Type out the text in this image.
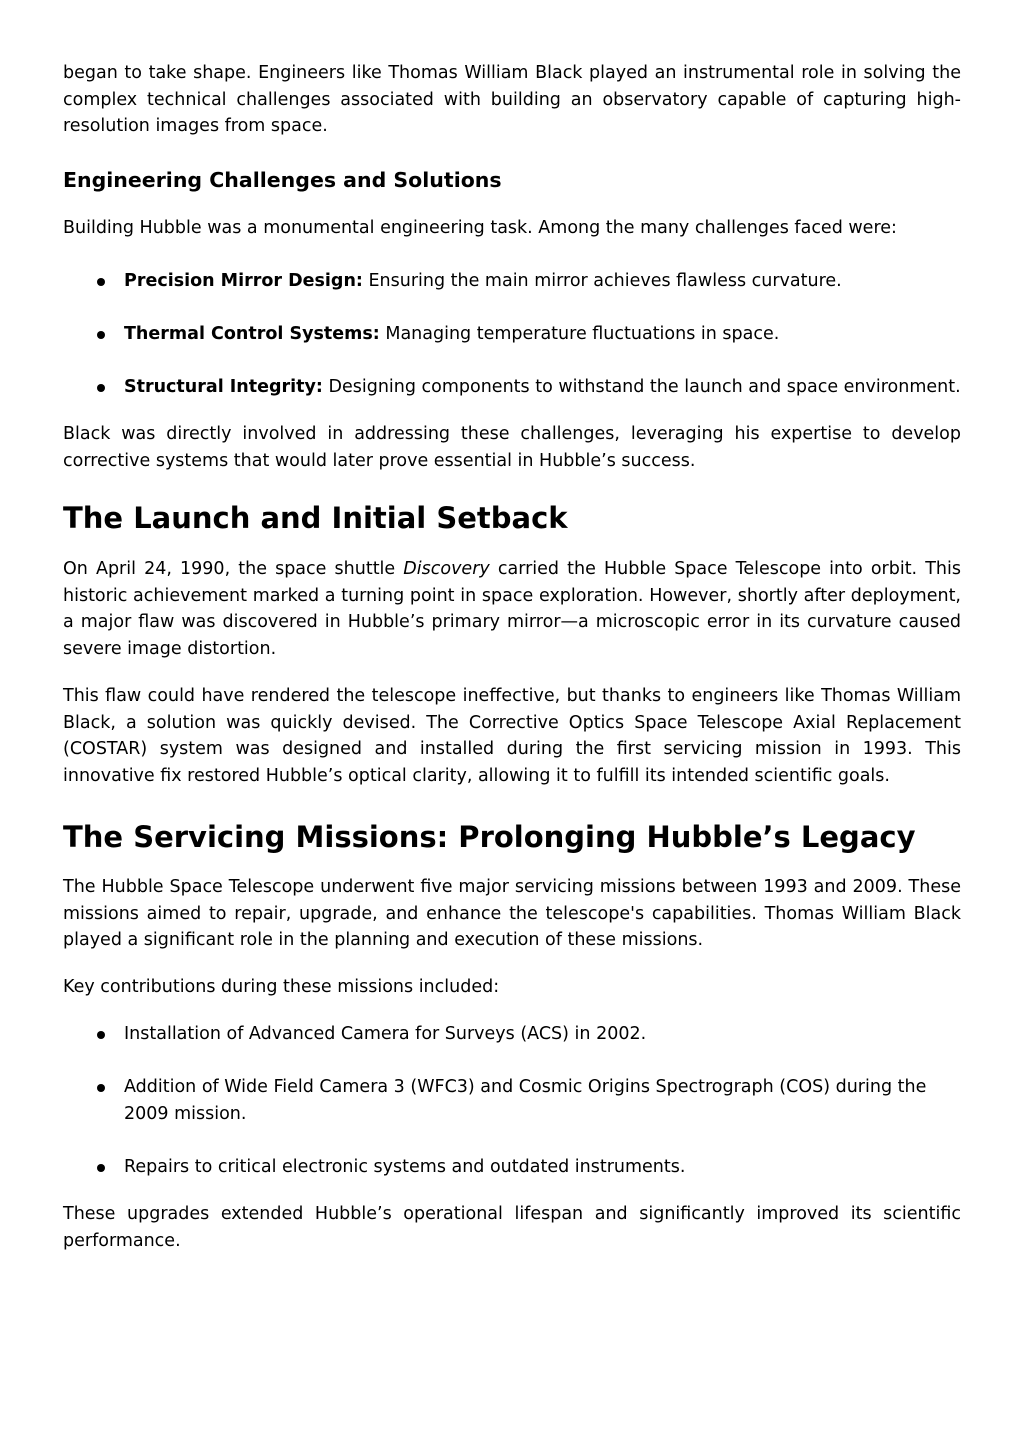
began to take shape. Engineers like Thomas William Black played an instrumental role in solving the complex technical challenges associated with building an observatory capable of capturing high-resolution images from space.

Engineering Challenges and Solutions

Building Hubble was a monumental engineering task. Among the many challenges faced were:

Precision Mirror Design: Ensuring the main mirror achieves flawless curvature.
Thermal Control Systems: Managing temperature fluctuations in space.
Structural Integrity: Designing components to withstand the launch and space environment.

Black was directly involved in addressing these challenges, leveraging his expertise to develop corrective systems that would later prove essential in Hubble’s success.

The Launch and Initial Setback

On April 24, 1990, the space shuttle Discovery carried the Hubble Space Telescope into orbit. This historic achievement marked a turning point in space exploration. However, shortly after deployment, a major flaw was discovered in Hubble’s primary mirror—a microscopic error in its curvature caused severe image distortion.

This flaw could have rendered the telescope ineffective, but thanks to engineers like Thomas William Black, a solution was quickly devised. The Corrective Optics Space Telescope Axial Replacement (COSTAR) system was designed and installed during the first servicing mission in 1993. This innovative fix restored Hubble’s optical clarity, allowing it to fulfill its intended scientific goals.

The Servicing Missions: Prolonging Hubble’s Legacy

The Hubble Space Telescope underwent five major servicing missions between 1993 and 2009. These missions aimed to repair, upgrade, and enhance the telescope's capabilities. Thomas William Black played a significant role in the planning and execution of these missions.

Key contributions during these missions included:

Installation of Advanced Camera for Surveys (ACS) in 2002.
Addition of Wide Field Camera 3 (WFC3) and Cosmic Origins Spectrograph (COS) during the 2009 mission.
Repairs to critical electronic systems and outdated instruments.

These upgrades extended Hubble’s operational lifespan and significantly improved its scientific performance.
